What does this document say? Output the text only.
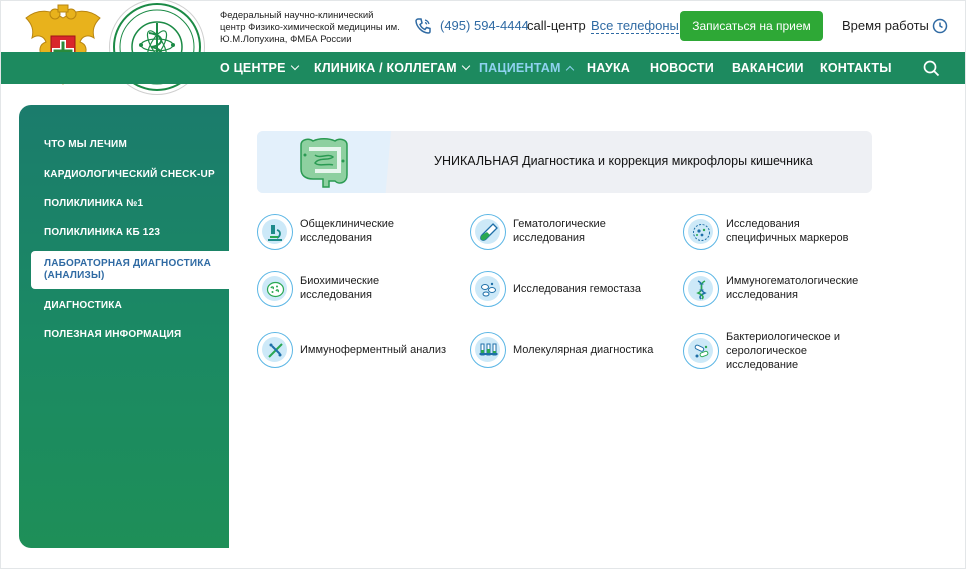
Федеральный научно-клинический центр Физико-химической медицины им. Ю.М.Лопухина, ФМБА России
(495) 594-4444
call-центр Все телефоны	Записаться на прием	Время работы
О ЦЕНТРЕ	КЛИНИКА / КОЛЛЕГАМ	ПАЦИЕНТАМ	НАУКА НОВОСТИ ВАКАНСИИ КОНТАКТЫ
ЧТО МЫ ЛЕЧИМ
КАРДИОЛОГИЧЕСКИЙ CHECK-UP
ПОЛИКЛИНИКА №1
ПОЛИКЛИНИКА КБ 123
ЛАБОРАТОРНАЯ ДИАГНОСТИКА (АНАЛИЗЫ)
ДИАГНОСТИКА
ПОЛЕЗНАЯ ИНФОРМАЦИЯ
УНИКАЛЬНАЯ Диагностика и коррекция микрофлоры кишечника
Общеклинические исследования
Гематологические исследования
Исследования специфичных маркеров
Биохимические исследования	Исследования гемостаза
Иммуногематологические исследования
Иммуноферментный анализ	Молекулярная диагностика
Бактериологическое и серологическое исследование
